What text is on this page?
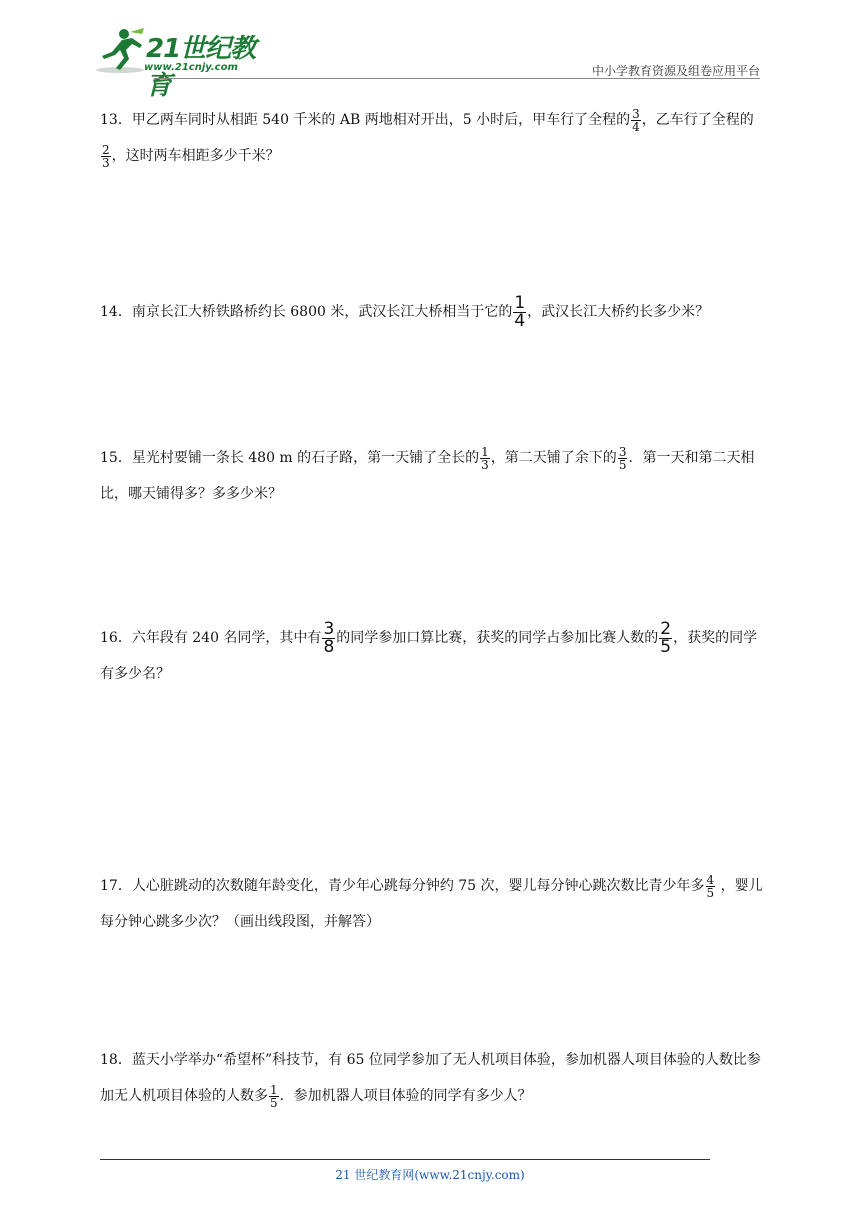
21世纪教育
www.21cnjy.com	中小学教育资源及组卷应用平台
13．甲乙两车同时从相距 540 千米的 AB 两地相对开出，5 小时后，甲车行了全程的 $\frac{3}{4}$ ，乙车行了全程的
$\frac{2}{3}$ ，这时两车相距多少千米？
14．南京长江大桥铁路桥约长 6800 米，武汉长江大桥相当于它的 $\frac{1}{4}$ ，武汉长江大桥约长多少米？
15．星光村要铺一条长 480 m 的石子路，第一天铺了全长的 $\frac{1}{3}$ ，第二天铺了余下的 $\frac{3}{5}$ ．第一天和第二天相比，哪天铺得多？多多少米？
16．六年段有 240 名同学，其中有 $\frac{3}{8}$ 的同学参加口算比赛，获奖的同学占参加比赛人数的 $\frac{2}{5}$ ，获奖的同学有多少名？
17．人心脏跳动的次数随年龄变化，青少年心跳每分钟约 75 次，婴儿每分钟心跳次数比青少年多 $\frac{4}{5}$ ，婴儿每分钟心跳多少次？（画出线段图，并解答）
18．蓝天小学举办“希望杯”科技节，有 65 位同学参加了无人机项目体验，参加机器人项目体验的人数比参加无人机项目体验的人数多 $\frac{1}{5}$ ．参加机器人项目体验的同学有多少人？
21 世纪教育网(www.21cnjy.com)
